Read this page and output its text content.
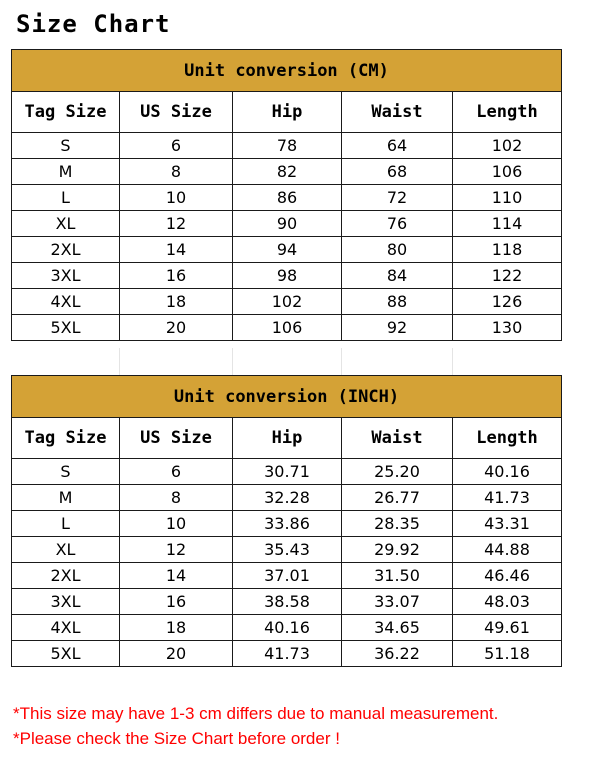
Size Chart
Unit conversion (CM)				
Tag Size	US Size	Hip	Waist	Length
S	6	78	64	102
M	8	82	68	106
L	10	86	72	110
XL	12	90	76	114
2XL	14	94	80	118
3XL	16	98	84	122
4XL	18	102	88	126
5XL	20	106	92	130
Unit conversion (INCH)				
Tag Size	US Size	Hip	Waist	Length
S	6	30.71	25.20	40.16
M	8	32.28	26.77	41.73
L	10	33.86	28.35	43.31
XL	12	35.43	29.92	44.88
2XL	14	37.01	31.50	46.46
3XL	16	38.58	33.07	48.03
4XL	18	40.16	34.65	49.61
5XL	20	41.73	36.22	51.18
*This size may have 1-3 cm differs due to manual measurement.
*Please check the Size Chart before order !
